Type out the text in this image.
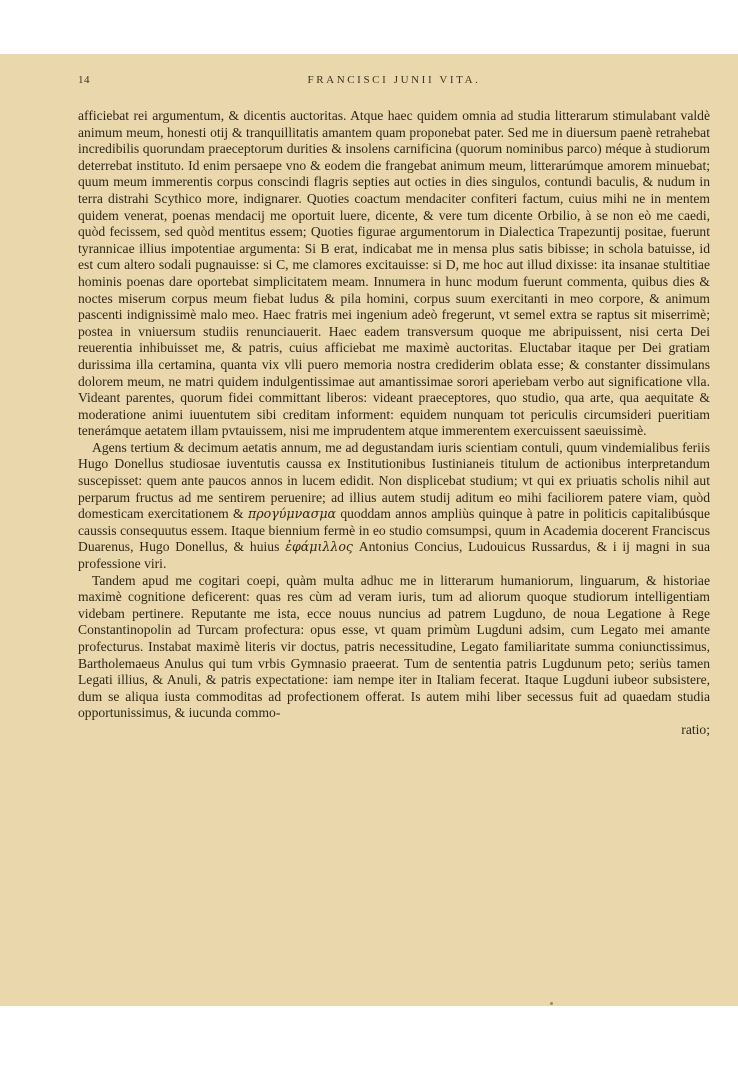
14	FRANCISCI JUNII VITA.

afficiebat rei argumentum, & dicentis auctoritas. Atque haec quidem omnia ad studia litterarum stimulabant valdè animum meum, honesti otij & tranquillitatis amantem quam proponebat pater. Sed me in diuersum paenè retrahebat incredibilis quorundam praeceptorum durities & insolens carnificina (quorum nominibus parco) méque à studiorum deterrebat instituto. Id enim persaepe vno & eodem die frangebat animum meum, litterarúmque amorem minuebat; quum meum immerentis corpus conscindi flagris septies aut octies in dies singulos, contundi baculis, & nudum in terra distrahi Scythico more, indignarer. Quoties coactum mendaciter confiteri factum, cuius mihi ne in mentem quidem venerat, poenas mendacij me oportuit luere, dicente, & vere tum dicente Orbilio, à se non eò me caedi, quòd fecissem, sed quòd mentitus essem; Quoties figurae argumentorum in Dialectica Trapezuntij positae, fuerunt tyrannicae illius impotentiae argumenta: Si B erat, indicabat me in mensa plus satis bibisse; in schola batuisse, id est cum altero sodali pugnauisse: si C, me clamores excitauisse: si D, me hoc aut illud dixisse: ita insanae stultitiae hominis poenas dare oportebat simplicitatem meam. Innumera in hunc modum fuerunt commenta, quibus dies & noctes miserum corpus meum fiebat ludus & pila homini, corpus suum exercitanti in meo corpore, & animum pascenti indignissimè malo meo. Haec fratris mei ingenium adeò fregerunt, vt semel extra se raptus sit miserrimè; postea in vniuersum studiis renunciauerit. Haec eadem transversum quoque me abripuissent, nisi certa Dei reuerentia inhibuisset me, & patris, cuius afficiebat me maximè auctoritas. Eluctabar itaque per Dei gratiam durissima illa certamina, quanta vix vlli puero memoria nostra crediderim oblata esse; & constanter dissimulans dolorem meum, ne matri quidem indulgentissimae aut amantissimae sorori aperiebam verbo aut significatione vlla. Videant parentes, quorum fidei committant liberos: videant praeceptores, quo studio, qua arte, qua aequitate & moderatione animi iuuentutem sibi creditam informent: equidem nunquam tot periculis circumsideri pueritiam tenerámque aetatem illam pvtauissem, nisi me imprudentem atque immerentem exercuissent saeuissimè.

Agens tertium & decimum aetatis annum, me ad degustandam iuris scientiam contuli, quum vindemialibus feriis Hugo Donellus studiosae iuventutis caussa ex Institutionibus Iustinianeis titulum de actionibus interpretandum suscepisset: quem ante paucos annos in lucem edidit. Non displicebat studium; vt qui ex priuatis scholis nihil aut perparum fructus ad me sentirem peruenire; ad illius autem studij aditum eo mihi faciliorem patere viam, quòd domesticam exercitationem & προγύμνασμα quoddam annos ampliùs quinque à patre in politicis capitalibúsque caussis consequutus essem. Itaque biennium fermè in eo studio comsumpsi, quum in Academia docerent Franciscus Duarenus, Hugo Donellus, & huius ἐφάμιλλος Antonius Concius, Ludouicus Russardus, & i ij magni in sua professione viri.

Tandem apud me cogitari coepi, quàm multa adhuc me in litterarum humaniorum, linguarum, & historiae maximè cognitione deficerent: quas res cùm ad veram iuris, tum ad aliorum quoque studiorum intelligentiam videbam pertinere. Reputante me ista, ecce nouus nuncius ad patrem Lugduno, de noua Legatione à Rege Constantinopolin ad Turcam profectura: opus esse, vt quam primùm Lugduni adsim, cum Legato mei amante profecturus. Instabat maximè literis vir doctus, patris necessitudine, Legato familiaritate summa coniunctissimus, Bartholemaeus Anulus qui tum vrbis Gymnasio praeerat. Tum de sententia patris Lugdunum peto; seriùs tamen Legati illius, & Anuli, & patris expectatione: iam nempe iter in Italiam fecerat. Itaque Lugduni iubeor subsistere, dum se aliqua iusta commoditas ad profectionem offerat. Is autem mihi liber secessus fuit ad quaedam studia opportunissimus, & iucunda commo-

ratio;
